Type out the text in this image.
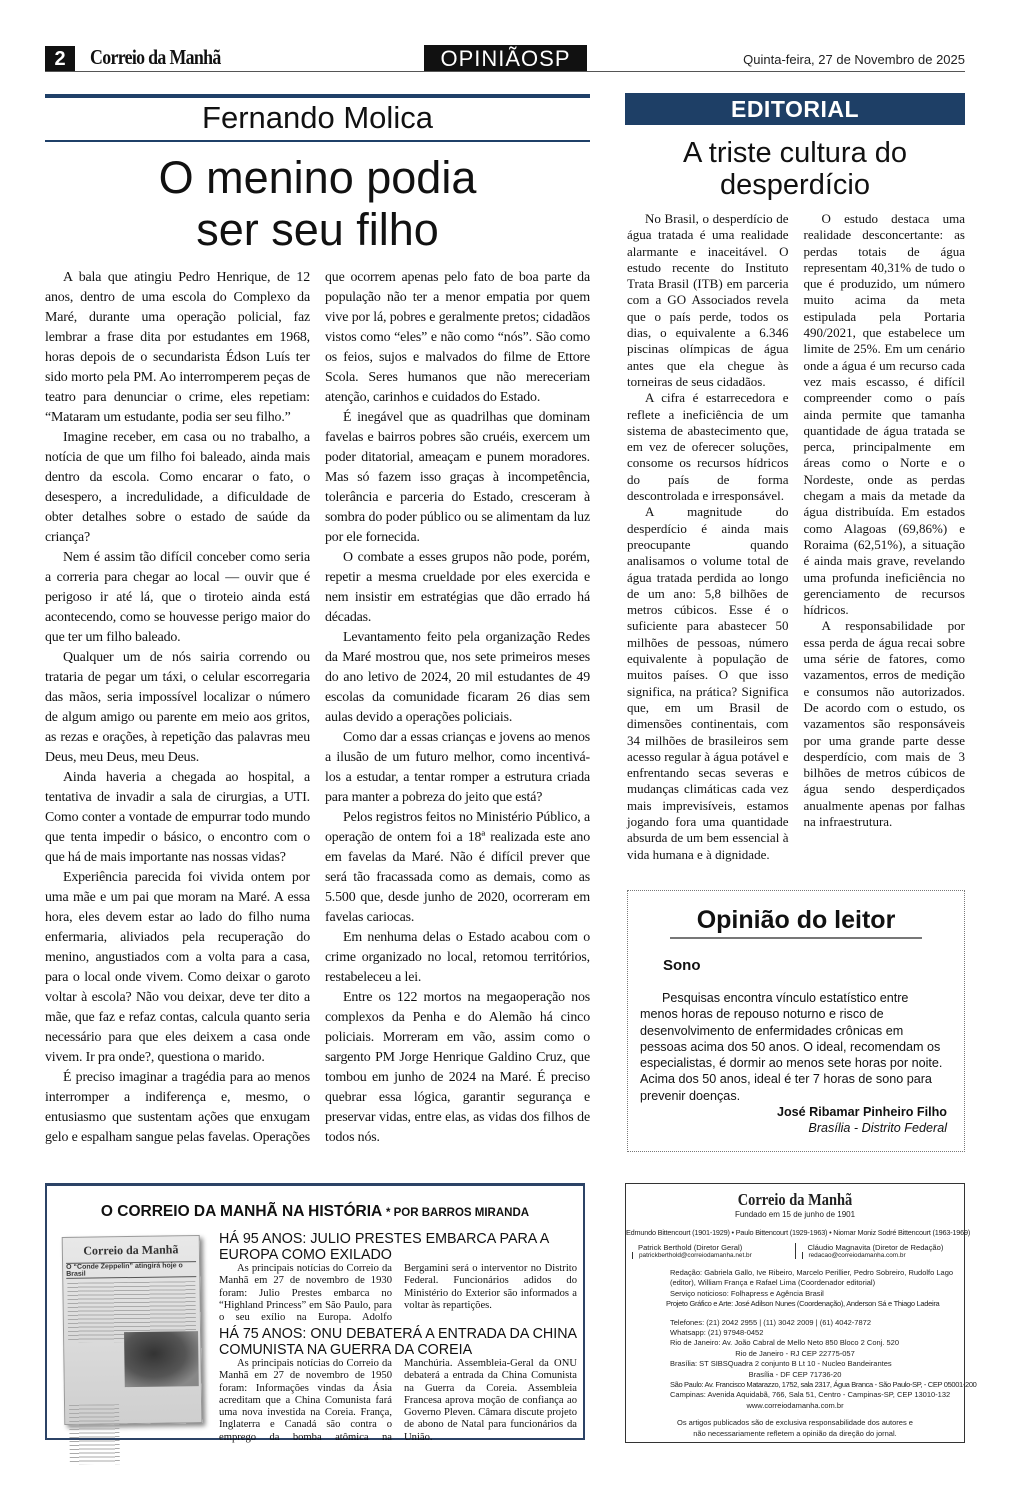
2	Correio da Manhã	OPINIÃOSP	Quinta-feira, 27 de Novembro de 2025
Fernando Molica
O menino podia ser seu filho

A bala que atingiu Pedro Henrique, de 12 anos, dentro de uma escola do Complexo da Maré, durante uma operação policial, faz lembrar a frase dita por estudantes em 1968, horas depois de o secundarista Édson Luís ter sido morto pela PM. Ao interromperem peças de teatro para denunciar o crime, eles repetiam: “Mataram um estudante, podia ser seu filho.”

Imagine receber, em casa ou no trabalho, a notícia de que um filho foi baleado, ainda mais dentro da escola. Como encarar o fato, o desespero, a incredulidade, a dificuldade de obter detalhes sobre o estado de saúde da criança?

Nem é assim tão difícil conceber como seria a correria para chegar ao local — ouvir que é perigoso ir até lá, que o tiroteio ainda está acontecendo, como se houvesse perigo maior do que ter um filho baleado.

Qualquer um de nós sairia correndo ou trataria de pegar um táxi, o celular escorregaria das mãos, seria impossível localizar o número de algum amigo ou parente em meio aos gritos, as rezas e orações, à repetição das palavras meu Deus, meu Deus, meu Deus.

Ainda haveria a chegada ao hospital, a tentativa de invadir a sala de cirurgias, a UTI. Como conter a vontade de empurrar todo mundo que tenta impedir o básico, o encontro com o que há de mais importante nas nossas vidas?

Experiência parecida foi vivida ontem por uma mãe e um pai que moram na Maré. A essa hora, eles devem estar ao lado do filho numa enfermaria, aliviados pela recuperação do menino, angustiados com a volta para a casa, para o local onde vivem. Como deixar o garoto voltar à escola? Não vou deixar, deve ter dito a mãe, que faz e refaz contas, calcula quanto seria necessário para que eles deixem a casa onde vivem. Ir pra onde?, questiona o marido.

É preciso imaginar a tragédia para ao menos interromper a indiferença e, mesmo, o entusiasmo que sustentam ações que enxugam gelo e espalham sangue pelas favelas. Operações que ocorrem apenas pelo fato de boa parte da população não ter a menor empatia por quem vive por lá, pobres e geralmente pretos; cidadãos vistos como “eles” e não como “nós”. São como os feios, sujos e malvados do filme de Ettore Scola. Seres humanos que não mereceriam atenção, carinhos e cuidados do Estado.

É inegável que as quadrilhas que dominam favelas e bairros pobres são cruéis, exercem um poder ditatorial, ameaçam e punem moradores. Mas só fazem isso graças à incompetência, tolerância e parceria do Estado, cresceram à sombra do poder público ou se alimentam da luz por ele fornecida.

O combate a esses grupos não pode, porém, repetir a mesma crueldade por eles exercida e nem insistir em estratégias que dão errado há décadas.

Levantamento feito pela organização Redes da Maré mostrou que, nos sete primeiros meses do ano letivo de 2024, 20 mil estudantes de 49 escolas da comunidade ficaram 26 dias sem aulas devido a operações policiais.

Como dar a essas crianças e jovens ao menos a ilusão de um futuro melhor, como incentivá-los a estudar, a tentar romper a estrutura criada para manter a pobreza do jeito que está?

Pelos registros feitos no Ministério Público, a operação de ontem foi a 18ª realizada este ano em favelas da Maré. Não é difícil prever que será tão fracassada como as demais, como as 5.500 que, desde junho de 2020, ocorreram em favelas cariocas.

Em nenhuma delas o Estado acabou com o crime organizado no local, retomou territórios, restabeleceu a lei.

Entre os 122 mortos na megaoperação nos complexos da Penha e do Alemão há cinco policiais. Morreram em vão, assim como o sargento PM Jorge Henrique Galdino Cruz, que tombou em junho de 2024 na Maré. É preciso quebrar essa lógica, garantir segurança e preservar vidas, entre elas, as vidas dos filhos de todos nós.

EDITORIAL
A triste cultura do desperdício

No Brasil, o desperdício de água tratada é uma realidade alarmante e inaceitável. O estudo recente do Instituto Trata Brasil (ITB) em parceria com a GO Associados revela que o país perde, todos os dias, o equivalente a 6.346 piscinas olímpicas de água antes que ela chegue às torneiras de seus cidadãos.

A cifra é estarrecedora e reflete a ineficiência de um sistema de abastecimento que, em vez de oferecer soluções, consome os recursos hídricos do país de forma descontrolada e irresponsável.

A magnitude do desperdício é ainda mais preocupante quando analisamos o volume total de água tratada perdida ao longo de um ano: 5,8 bilhões de metros cúbicos. Esse é o suficiente para abastecer 50 milhões de pessoas, número equivalente à população de muitos países. O que isso significa, na prática? Significa que, em um Brasil de dimensões continentais, com 34 milhões de brasileiros sem acesso regular à água potável e enfrentando secas severas e mudanças climáticas cada vez mais imprevisíveis, estamos jogando fora uma quantidade absurda de um bem essencial à vida humana e à dignidade.

O estudo destaca uma realidade desconcertante: as perdas totais de água representam 40,31% de tudo o que é produzido, um número muito acima da meta estipulada pela Portaria 490/2021, que estabelece um limite de 25%. Em um cenário onde a água é um recurso cada vez mais escasso, é difícil compreender como o país ainda permite que tamanha quantidade de água tratada se perca, principalmente em áreas como o Norte e o Nordeste, onde as perdas chegam a mais da metade da água distribuída. Em estados como Alagoas (69,86%) e Roraima (62,51%), a situação é ainda mais grave, revelando uma profunda ineficiência no gerenciamento de recursos hídricos.

A responsabilidade por essa perda de água recai sobre uma série de fatores, como vazamentos, erros de medição e consumos não autorizados. De acordo com o estudo, os vazamentos são responsáveis por uma grande parte desse desperdício, com mais de 3 bilhões de metros cúbicos de água sendo desperdiçados anualmente apenas por falhas na infraestrutura.

Opinião do leitor
Sono
Pesquisas encontra vínculo estatístico entre menos horas de repouso noturno e risco de desenvolvimento de enfermidades crônicas em pessoas acima dos 50 anos. O ideal, recomendam os especialistas, é dormir ao menos sete horas por noite. Acima dos 50 anos, ideal é ter 7 horas de sono para prevenir doenças.
José Ribamar Pinheiro Filho
Brasília - Distrito Federal
O CORREIO DA MANHÃ NA HISTÓRIA * POR BARROS MIRANDA
Correio da Manhã
O “Conde Zeppelin” atingirá hoje o Brasil
HÁ 95 ANOS: JULIO PRESTES EMBARCA PARA A EUROPA COMO EXILADO

As principais notícias do Correio da Manhã em 27 de novembro de 1930 foram: Julio Prestes embarca no “Highland Princess” em São Paulo, para o seu exílio na Europa. Adolfo Bergamini será o interventor no Distrito Federal. Funcionários adidos do Ministério do Exterior são informados a voltar às repartições.

HÁ 75 ANOS: ONU DEBATERÁ A ENTRADA DA CHINA COMUNISTA NA GUERRA DA COREIA

As principais notícias do Correio da Manhã em 27 de novembro de 1950 foram: Informações vindas da Ásia acreditam que a China Comunista fará uma nova investida na Coreia. França, Inglaterra e Canadá são contra o emprego da bomba atômica na Manchúria. Assembleia-Geral da ONU debaterá a entrada da China Comunista na Guerra da Coreia. Assembleia Francesa aprova moção de confiança ao Governo Pleven. Câmara discute projeto de abono de Natal para funcionários da União.

Correio da Manhã
Fundado em 15 de junho de 1901
Edmundo Bittencourt (1901-1929) • Paulo Bittencourt (1929-1963) • Niomar Moniz Sodré Bittencourt (1963-1969)
Patrick Berthold (Diretor Geral)
patrickberthold@correiodamanha.net.br
Cláudio Magnavita (Diretor de Redação)
redacao@correiodamanha.com.br
Redação: Gabriela Gallo, Ive Ribeiro, Marcelo Perillier, Pedro Sobreiro, Rudolfo Lago (editor), William França e Rafael Lima (Coordenador editorial)
Serviço noticioso: Folhapress e Agência Brasil
Projeto Gráfico e Arte: José Adilson Nunes (Coordenação), Anderson Sá e Thiago Ladeira
Telefones: (21) 2042 2955 | (11) 3042 2009 | (61) 4042-7872
Whatsapp: (21) 97948-0452
Rio de Janeiro: Av. João Cabral de Mello Neto 850 Bloco 2 Conj. 520
Rio de Janeiro - RJ CEP 22775-057
Brasília: ST SIBSQuadra 2 conjunto B Lt 10 - Nucleo Bandeirantes
Brasília - DF CEP 71736-20
São Paulo: Av. Francisco Matarazzo, 1752, sala 2317, Água Branca - São Paulo-SP, - CEP 05001-200
Campinas: Avenida Aquidabã, 766, Sala 51, Centro - Campinas-SP, CEP 13010-132
www.correiodamanha.com.br
Os artigos publicados são de exclusiva responsabilidade dos autores e não necessariamente refletem a opinião da direção do jornal.
